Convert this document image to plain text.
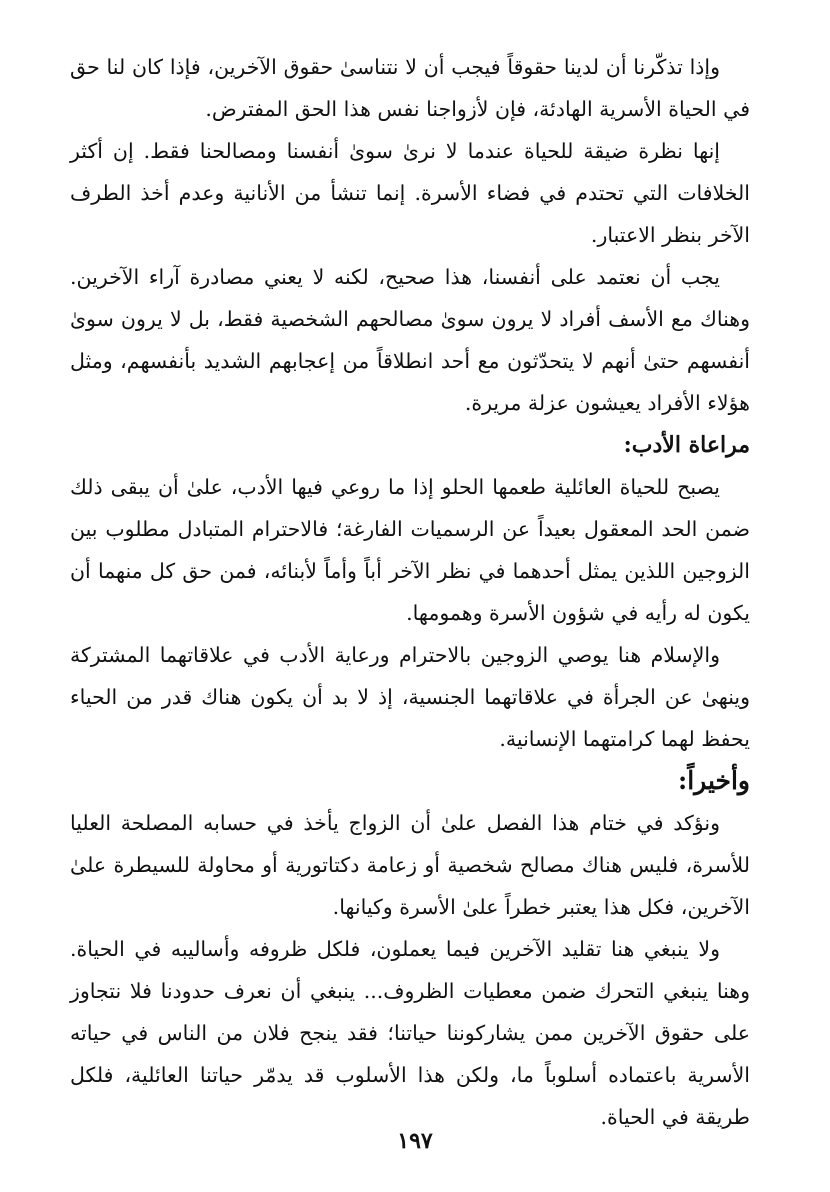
وإذا تذكّرنا أن لدينا حقوقاً فيجب أن لا نتناسىٰ حقوق الآخرين، فإذا كان لنا حق في الحياة الأسرية الهادئة، فإن لأزواجنا نفس هذا الحق المفترض.

إنها نظرة ضيقة للحياة عندما لا نرىٰ سوىٰ أنفسنا ومصالحنا فقط. إن أكثر الخلافات التي تحتدم في فضاء الأسرة. إنما تنشأ من الأنانية وعدم أخذ الطرف الآخر بنظر الاعتبار.

يجب أن نعتمد على أنفسنا، هذا صحيح، لكنه لا يعني مصادرة آراء الآخرين. وهناك مع الأسف أفراد لا يرون سوىٰ مصالحهم الشخصية فقط، بل لا يرون سوىٰ أنفسهم حتىٰ أنهم لا يتحدّثون مع أحد انطلاقاً من إعجابهم الشديد بأنفسهم، ومثل هؤلاء الأفراد يعيشون عزلة مريرة.

مراعاة الأدب:

يصبح للحياة العائلية طعمها الحلو إذا ما روعي فيها الأدب، علىٰ أن يبقى ذلك ضمن الحد المعقول بعيداً عن الرسميات الفارغة؛ فالاحترام المتبادل مطلوب بين الزوجين اللذين يمثل أحدهما في نظر الآخر أباً وأماً لأبنائه، فمن حق كل منهما أن يكون له رأيه في شؤون الأسرة وهمومها.

والإسلام هنا يوصي الزوجين بالاحترام ورعاية الأدب في علاقاتهما المشتركة وينهىٰ عن الجرأة في علاقاتهما الجنسية، إذ لا بد أن يكون هناك قدر من الحياء يحفظ لهما كرامتهما الإنسانية.

وأخيراً:

ونؤكد في ختام هذا الفصل علىٰ أن الزواج يأخذ في حسابه المصلحة العليا للأسرة، فليس هناك مصالح شخصية أو زعامة دكتاتورية أو محاولة للسيطرة علىٰ الآخرين، فكل هذا يعتبر خطراً علىٰ الأسرة وكيانها.

ولا ينبغي هنا تقليد الآخرين فيما يعملون، فلكل ظروفه وأساليبه في الحياة. وهنا ينبغي التحرك ضمن معطيات الظروف... ينبغي أن نعرف حدودنا فلا نتجاوز على حقوق الآخرين ممن يشاركوننا حياتنا؛ فقد ينجح فلان من الناس في حياته الأسرية باعتماده أسلوباً ما، ولكن هذا الأسلوب قد يدمّر حياتنا العائلية، فلكل طريقة في الحياة.

١٩٧
